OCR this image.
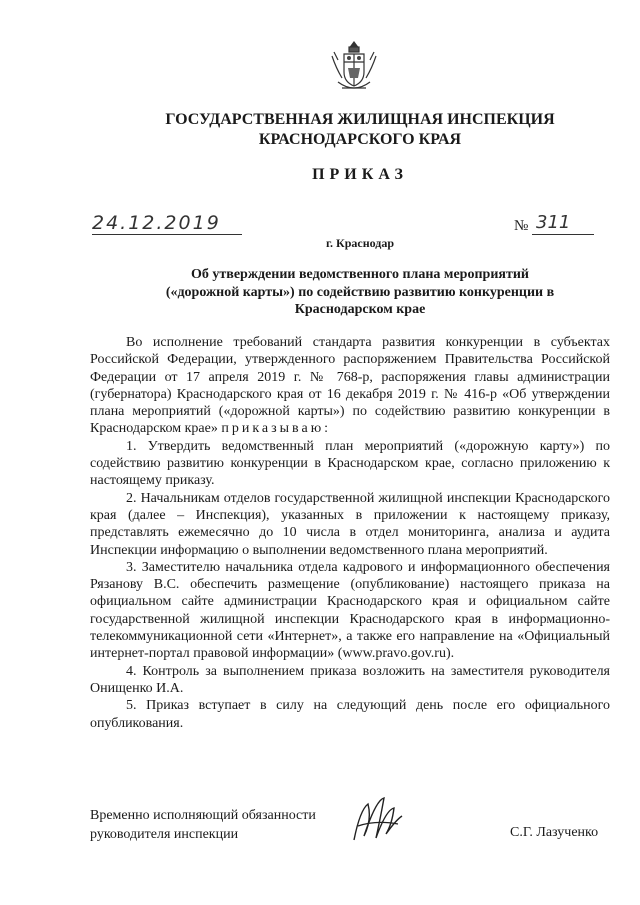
ГОСУДАРСТВЕННАЯ ЖИЛИЩНАЯ ИНСПЕКЦИЯ
КРАСНОДАРСКОГО КРАЯ
ПРИКАЗ
24.12.2019	№ 311
г. Краснодар
Об утверждении ведомственного плана мероприятий
(«дорожной карты») по содействию развитию конкуренции в
Краснодарском крае

Во исполнение требований стандарта развития конкуренции в субъектах Российской Федерации, утвержденного распоряжением Правительства Российской Федерации от 17 апреля 2019 г. № 768-р, распоряжения главы администрации (губернатора) Краснодарского края от 16 декабря 2019 г. № 416-р «Об утверждении плана мероприятий («дорожной карты») по содействию развитию конкуренции в Краснодарском крае» приказываю:

1. Утвердить ведомственный план мероприятий («дорожную карту») по содействию развитию конкуренции в Краснодарском крае, согласно приложению к настоящему приказу.

2. Начальникам отделов государственной жилищной инспекции Краснодарского края (далее – Инспекция), указанных в приложении к настоящему приказу, представлять ежемесячно до 10 числа в отдел мониторинга, анализа и аудита Инспекции информацию о выполнении ведомственного плана мероприятий.

3. Заместителю начальника отдела кадрового и информационного обеспечения Рязанову В.С. обеспечить размещение (опубликование) настоящего приказа на официальном сайте администрации Краснодарского края и официальном сайте государственной жилищной инспекции Краснодарского края в информационно-телекоммуникационной сети «Интернет», а также его направление на «Официальный интернет-портал правовой информации» (www.pravo.gov.ru).

4. Контроль за выполнением приказа возложить на заместителя руководителя Онищенко И.А.

5. Приказ вступает в силу на следующий день после его официального опубликования.

Временно исполняющий обязанности
руководителя инспекции	С.Г. Лазученко
